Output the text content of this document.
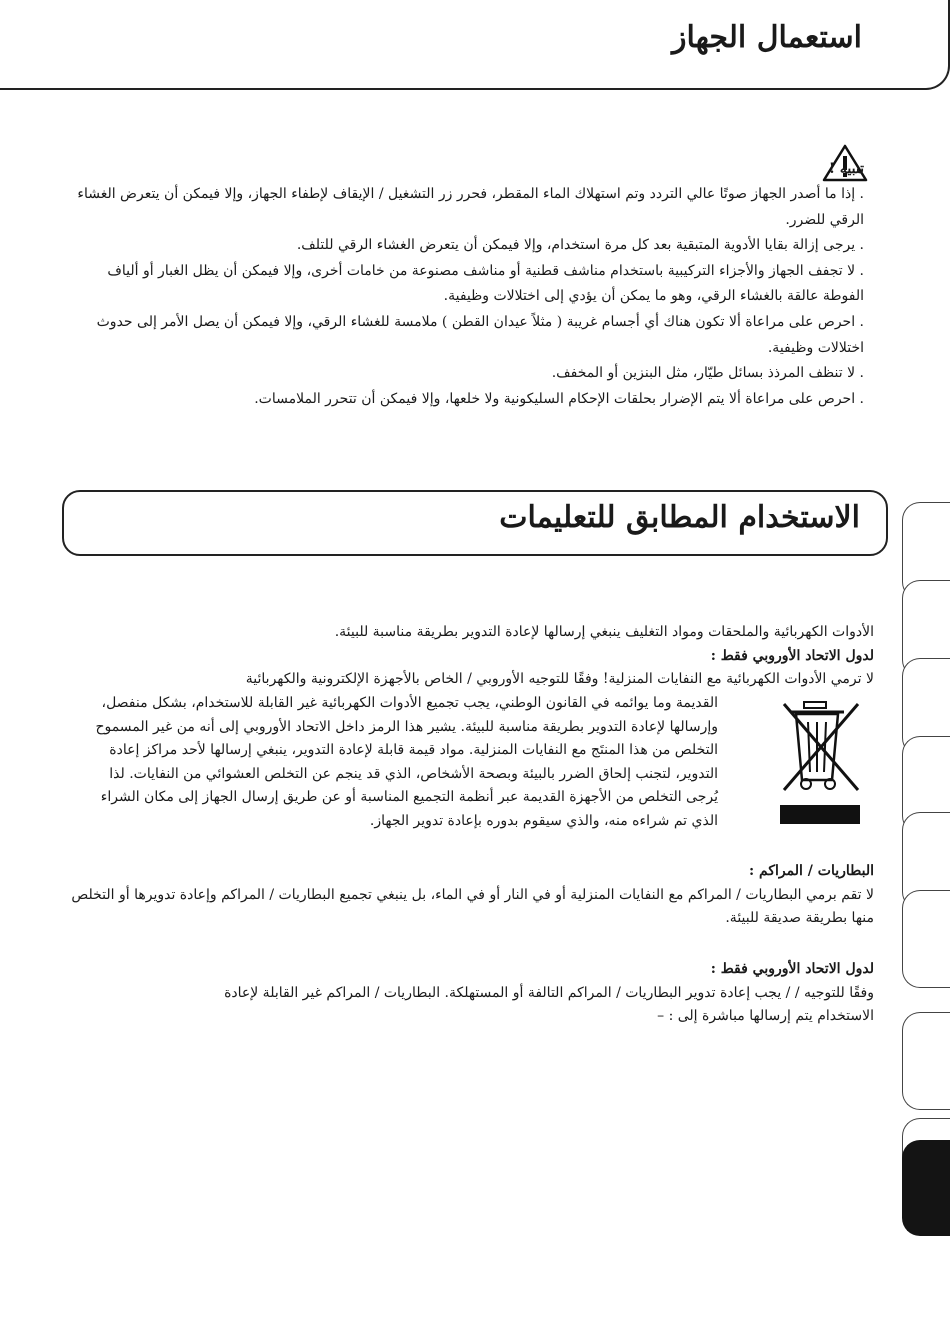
استعمال الجهاز
تنبيه !

. إذا ما أصدر الجهاز صوتًا عالي التردد وتم استهلاك الماء المقطر، فحرر زر التشغيل / الإيقاف لإطفاء الجهاز، وإلا فيمكن أن يتعرض الغشاء الرقي للضرر.

. يرجى إزالة بقايا الأدوية المتبقية بعد كل مرة استخدام، وإلا فيمكن أن يتعرض الغشاء الرقي للتلف.

. لا تجفف الجهاز والأجزاء التركيبية باستخدام مناشف قطنية أو مناشف مصنوعة من خامات أخرى، وإلا فيمكن أن يظل الغبار أو ألياف الفوطة عالقة بالغشاء الرقي، وهو ما يمكن أن يؤدي إلى اختلالات وظيفية.

. احرص على مراعاة ألا تكون هناك أي أجسام غريبة ( مثلاً عيدان القطن ) ملامسة للغشاء الرقي، وإلا فيمكن أن يصل الأمر إلى حدوث اختلالات وظيفية.

. لا تنظف المرذذ بسائل طيّار، مثل البنزين أو المخفف.

. احرص على مراعاة ألا يتم الإضرار بحلقات الإحكام السليكونية ولا خلعها، وإلا فيمكن أن تتحرر الملامسات.

الاستخدام المطابق للتعليمات

الأدوات الكهربائية والملحقات ومواد التغليف ينبغي إرسالها لإعادة التدوير بطريقة مناسبة للبيئة.

لدول الاتحاد الأوروبي فقط :

لا ترمي الأدوات الكهربائية مع النفايات المنزلية! وفقًا للتوجيه الأوروبي / الخاص بالأجهزة الإلكترونية والكهربائية

القديمة وما يوائمه في القانون الوطني، يجب تجميع الأدوات الكهربائية غير القابلة للاستخدام، بشكل منفصل، وإرسالها لإعادة التدوير بطريقة مناسبة للبيئة. يشير هذا الرمز داخل الاتحاد الأوروبي إلى أنه من غير المسموح التخلص من هذا المنتَج مع النفايات المنزلية. مواد قيمة قابلة لإعادة التدوير، ينبغي إرسالها لأحد مراكز إعادة التدوير، لتجنب إلحاق الضرر بالبيئة وبصحة الأشخاص، الذي قد ينجم عن التخلص العشوائي من النفايات. لذا يُرجى التخلص من الأجهزة القديمة عبر أنظمة التجميع المناسبة أو عن طريق إرسال الجهاز إلى مكان الشراء الذي تم شراءه منه، والذي سيقوم بدوره بإعادة تدوير الجهاز.

البطاريات / المراكم :

لا تقم برمي البطاريات / المراكم مع النفايات المنزلية أو في النار أو في الماء، بل ينبغي تجميع البطاريات / المراكم وإعادة تدويرها أو التخلص منها بطريقة صديقة للبيئة.

لدول الاتحاد الأوروبي فقط :

وفقًا للتوجيه / / يجب إعادة تدوير البطاريات / المراكم التالفة أو المستهلكة. البطاريات / المراكم غير القابلة لإعادة

الاستخدام يتم إرسالها مباشرة إلى : –
